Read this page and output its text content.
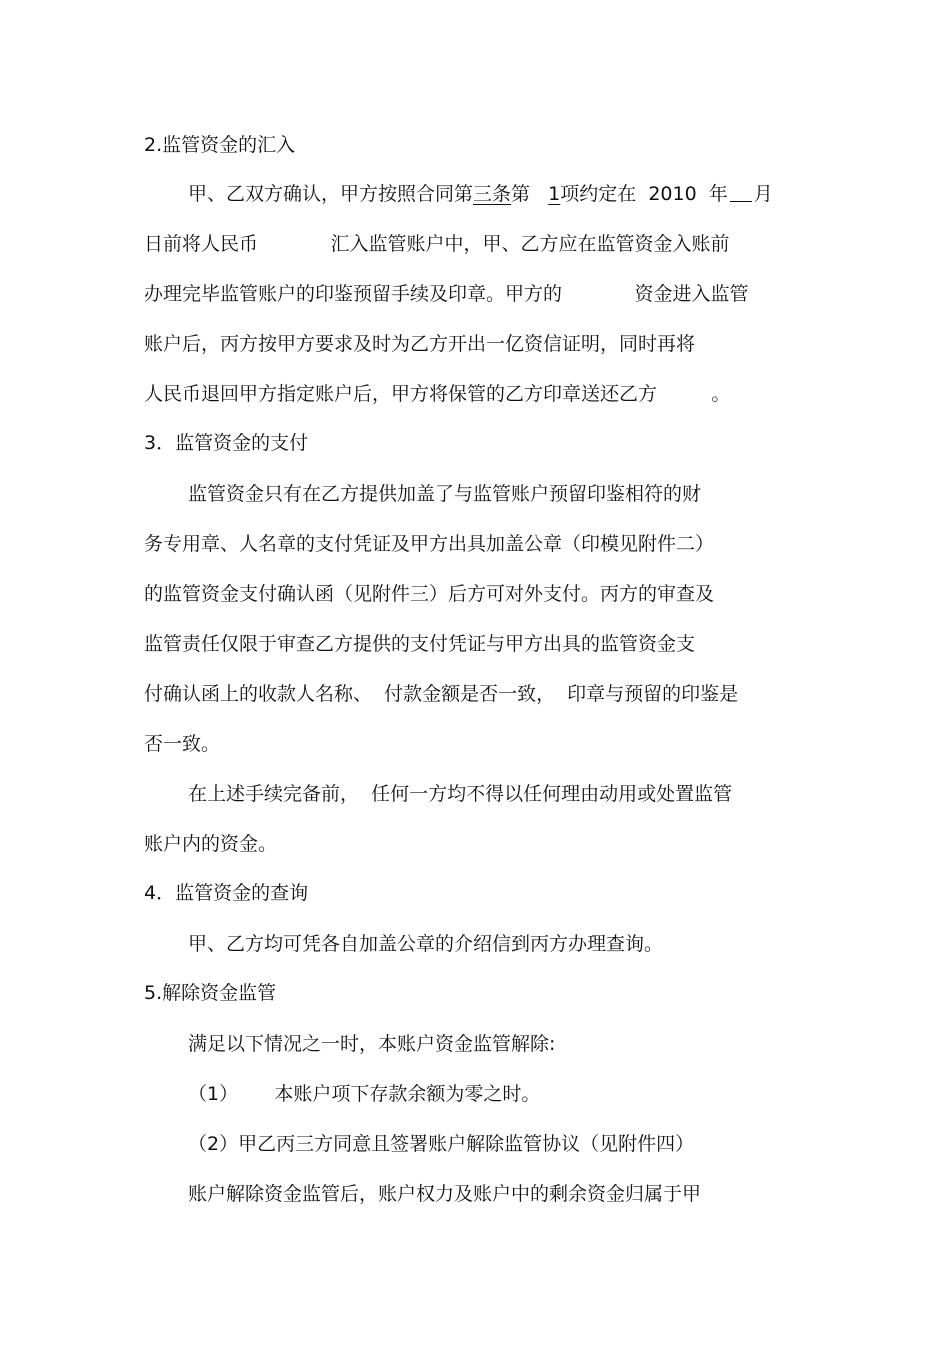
2.监管资金的汇入
甲、乙双方确认，甲方按照合同第三条第   1项约定在  2010  年 月
日前将人民币            汇入监管账户中，甲、乙方应在监管资金入账前
办理完毕监管账户的印鉴预留手续及印章。甲方的            资金进入监管
账户后，丙方按甲方要求及时为乙方开出一亿资信证明，同时再将
人民币退回甲方指定账户后，甲方将保管的乙方印章送还乙方         。
3．监管资金的支付
监管资金只有在乙方提供加盖了与监管账户预留印鉴相符的财
务专用章、人名章的支付凭证及甲方出具加盖公章（印模见附件二）
的监管资金支付确认函（见附件三）后方可对外支付。丙方的审查及
监管责任仅限于审查乙方提供的支付凭证与甲方出具的监管资金支
付确认函上的收款人名称、  付款金额是否一致，  印章与预留的印鉴是
否一致。
在上述手续完备前，  任何一方均不得以任何理由动用或处置监管
账户内的资金。
4．监管资金的查询
甲、乙方均可凭各自加盖公章的介绍信到丙方办理查询。
5.解除资金监管
满足以下情况之一时，本账户资金监管解除:
（1）      本账户项下存款余额为零之时。
（2）甲乙丙三方同意且签署账户解除监管协议（见附件四）
账户解除资金监管后，账户权力及账户中的剩余资金归属于甲
